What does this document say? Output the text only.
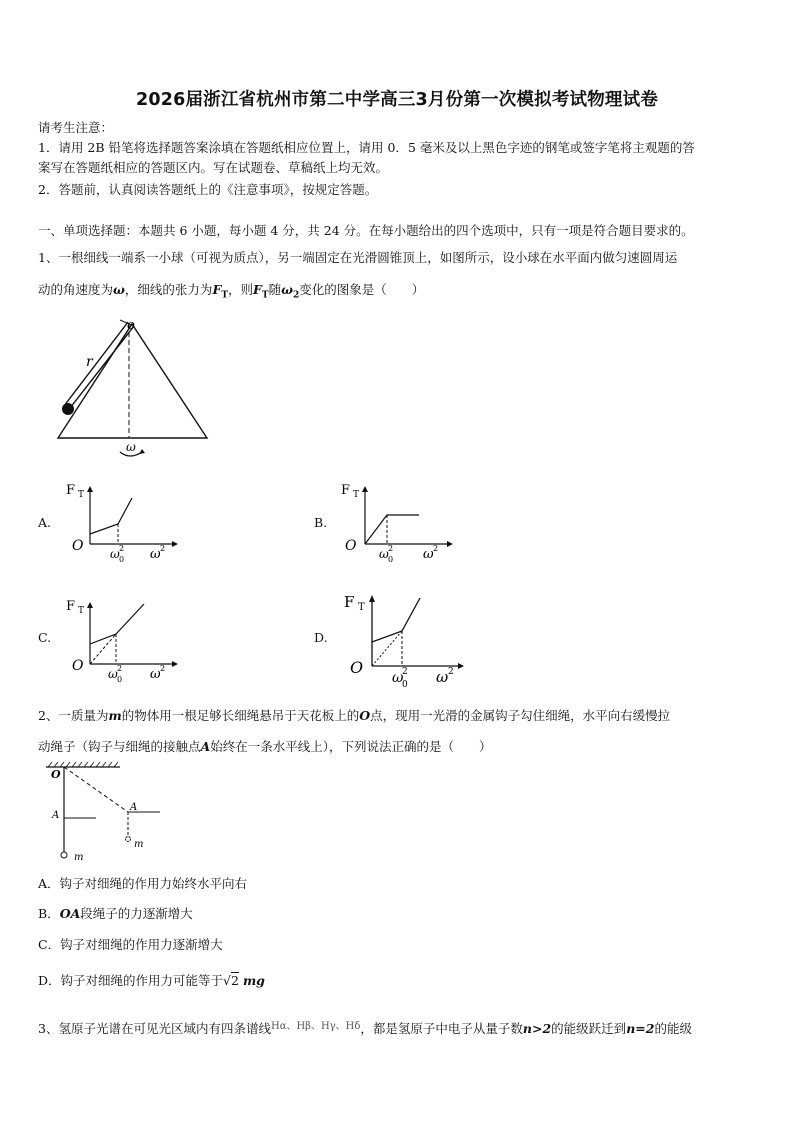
2026届浙江省杭州市第二中学高三3月份第一次模拟考试物理试卷
请考生注意：
1．请用 2B 铅笔将选择题答案涂填在答题纸相应位置上，请用 0．5 毫米及以上黑色字迹的钢笔或签字笔将主观题的答
案写在答题纸相应的答题区内。写在试题卷、草稿纸上均无效。
2．答题前，认真阅读答题纸上的《注意事项》，按规定答题。
一、单项选择题：本题共 6 小题，每小题 4 分，共 24 分。在每小题给出的四个选项中，只有一项是符合题目要求的。
1、一根细线一端系一小球（可视为质点），另一端固定在光滑圆锥顶上，如图所示，设小球在水平面内做匀速圆周运
动的角速度为ω，细线的张力为$F_T$，则$F_T$随$\omega_2$变化的图象是（　　）
o
r
ω
A.
F T
O ω 2
0 ω 2
B.
F T
O ω 2
0 ω 2
C.
F T
O ω 2
0 ω 2
D.
F T
O
ω
2
0 ω 2
2、一质量为m的物体用一根足够长细绳悬吊于天花板上的O点，现用一光滑的金属钩子勾住细绳，水平向右缓慢拉
动绳子（钩子与细绳的接触点A始终在一条水平线上），下列说法正确的是（　　）
O
m
A
A
m
A．钩子对细绳的作用力始终水平向右
B．OA段绳子的力逐渐增大
C．钩子对细绳的作用力逐渐增大
D．钩子对细绳的作用力可能等于√2 mg
3、氢原子光谱在可见光区域内有四条谱线$^{H\alpha、H\beta、H\gamma、H\delta}$，都是氢原子中电子从量子数n>2的能级跃迁到n=2的能级
